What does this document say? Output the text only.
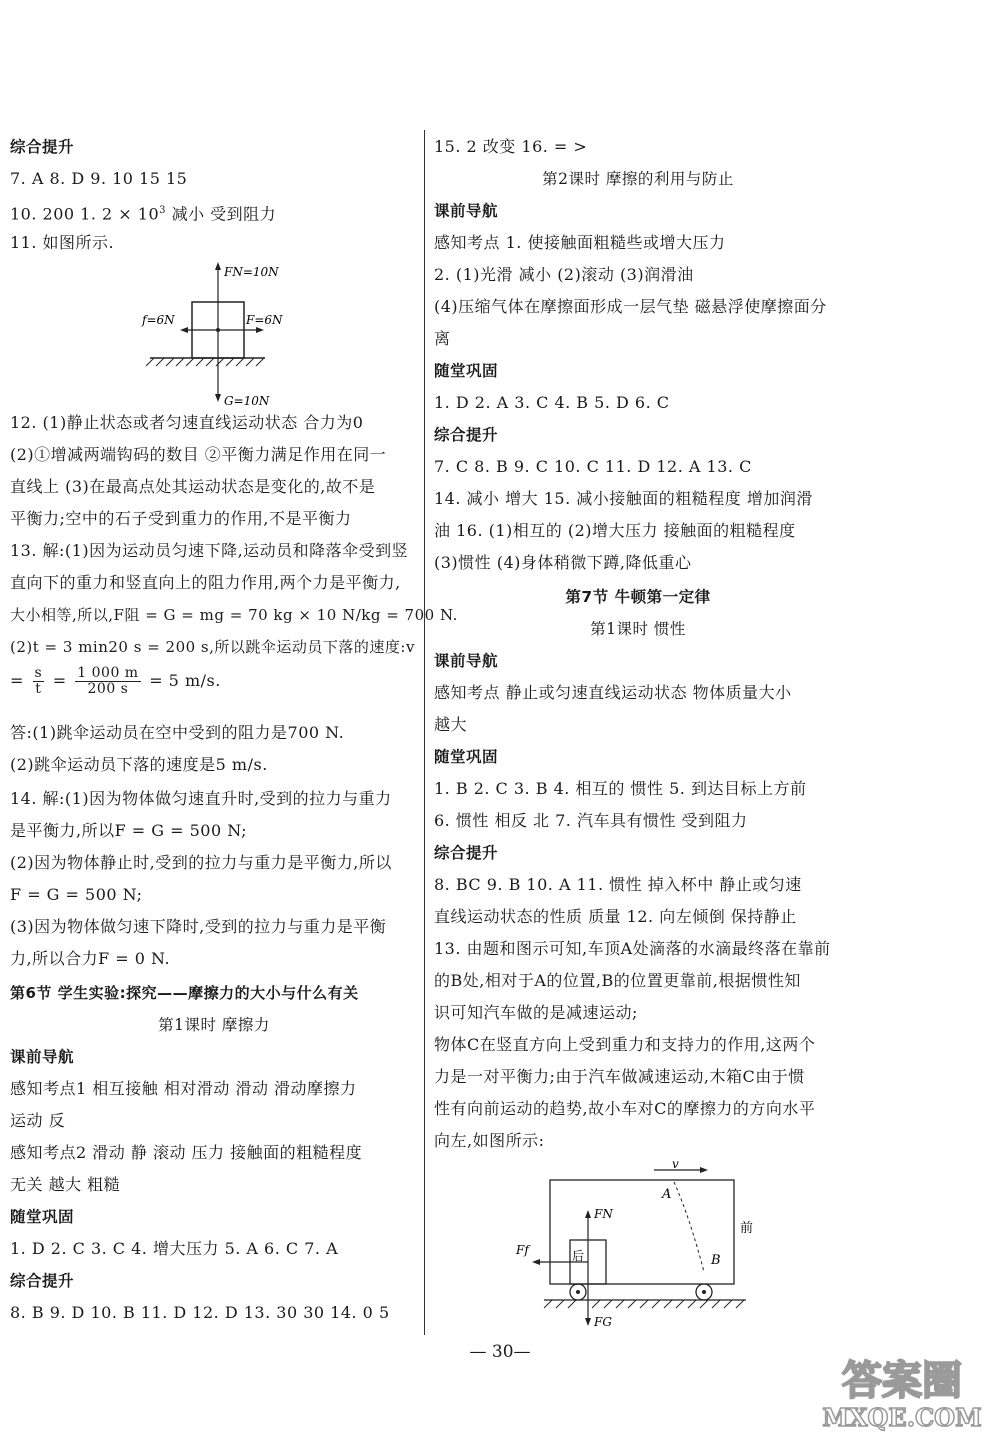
综合提升
7. A 8. D 9. 10 15 15
10. 200 1. $2 \times 10^3$ 减小 受到阻力
11. 如图所示.
FN=10N
f=6N	F=6N
G=10N
12. (1)静止状态或者匀速直线运动状态 合力为0
(2)①增减两端钩码的数目 ②平衡力满足作用在同一
直线上 (3)在最高点处其运动状态是变化的,故不是
平衡力;空中的石子受到重力的作用,不是平衡力
13. 解:(1)因为运动员匀速下降,运动员和降落伞受到竖
直向下的重力和竖直向上的阻力作用,两个力是平衡力,
大小相等,所以,F阻 = G = mg = 70 kg × 10 N/kg = 700 N.
(2)t = 3 min20 s = 200 s,所以跳伞运动员下落的速度:v
= $\frac{s}{t} = \frac{1 000 m}{200 s} = 5$ m/s.
答:(1)跳伞运动员在空中受到的阻力是700 N.
(2)跳伞运动员下落的速度是5 m/s.
14. 解:(1)因为物体做匀速直升时,受到的拉力与重力
是平衡力,所以F = G = 500 N;
(2)因为物体静止时,受到的拉力与重力是平衡力,所以
F = G = 500 N;
(3)因为物体做匀速下降时,受到的拉力与重力是平衡
力,所以合力F = 0 N.
第6节 学生实验:探究——摩擦力的大小与什么有关
第1课时 摩擦力
课前导航
感知考点1 相互接触 相对滑动 滑动 滑动摩擦力
运动 反
感知考点2 滑动 静 滚动 压力 接触面的粗糙程度
无关 越大 粗糙
随堂巩固
1. D 2. C 3. C 4. 增大压力 5. A 6. C 7. A
综合提升
8. B 9. D 10. B 11. D 12. D 13. 30 30 14. 0 5
15. 2 改变 16. = >
第2课时 摩擦的利用与防止
课前导航
感知考点 1. 使接触面粗糙些或增大压力
2. (1)光滑 减小 (2)滚动 (3)润滑油
(4)压缩气体在摩擦面形成一层气垫 磁悬浮使摩擦面分
离
随堂巩固
1. D 2. A 3. C 4. B 5. D 6. C
综合提升
7. C 8. B 9. C 10. C 11. D 12. A 13. C
14. 减小 增大 15. 减小接触面的粗糙程度 增加润滑
油 16. (1)相互的 (2)增大压力 接触面的粗糙程度
(3)惯性 (4)身体稍微下蹲,降低重心
第7节 牛顿第一定律
第1课时 惯性
课前导航
感知考点 静止或匀速直线运动状态 物体质量大小
越大
随堂巩固
1. B 2. C 3. B 4. 相互的 惯性 5. 到达目标上方前
6. 惯性 相反 北 7. 汽车具有惯性 受到阻力
综合提升
8. BC 9. B 10. A 11. 惯性 掉入杯中 静止或匀速
直线运动状态的性质 质量 12. 向左倾倒 保持静止
13. 由题和图示可知,车顶A处滴落的水滴最终落在靠前
的B处,相对于A的位置,B的位置更靠前,根据惯性知
识可知汽车做的是减速运动;
物体C在竖直方向上受到重力和支持力的作用,这两个
力是一对平衡力;由于汽车做减速运动,木箱C由于惯
性有向前运动的趋势,故小车对C的摩擦力的方向水平
向左,如图所示:
v
A
B
前
后
FN
Ff
FG
— 30—
答案圈
MXQE.COM
